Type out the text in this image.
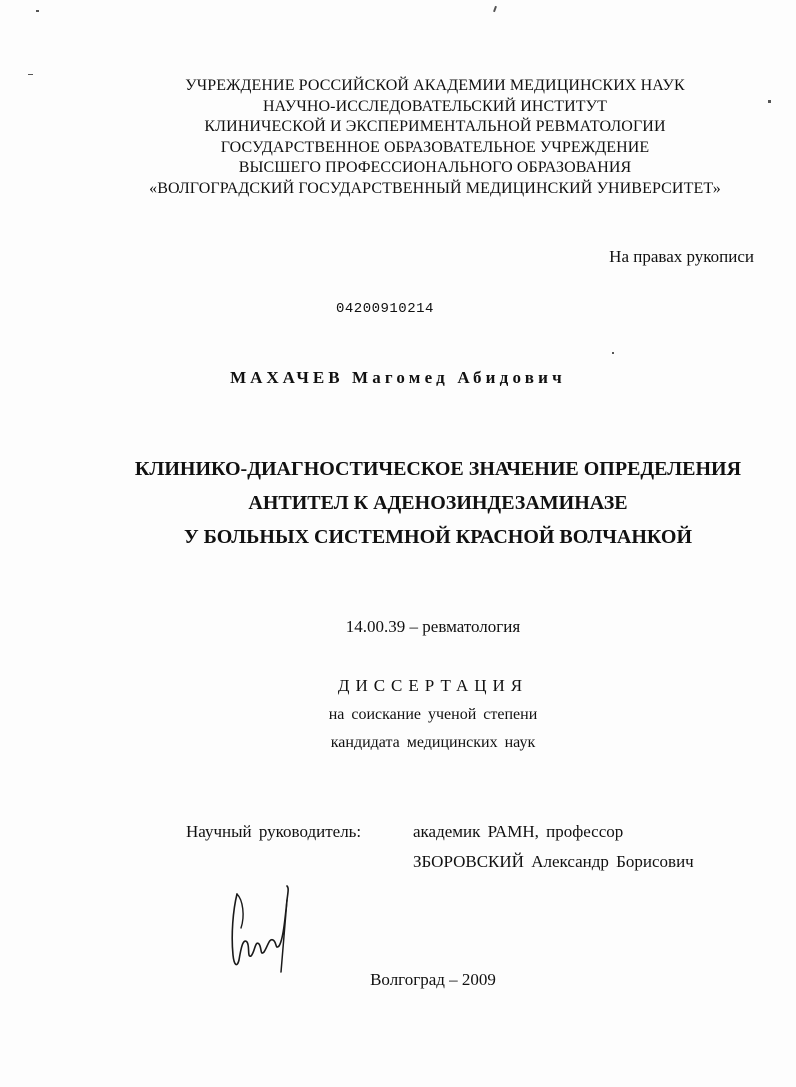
УЧРЕЖДЕНИЕ РОССИЙСКОЙ АКАДЕМИИ МЕДИЦИНСКИХ НАУК
НАУЧНО-ИССЛЕДОВАТЕЛЬСКИЙ ИНСТИТУТ
КЛИНИЧЕСКОЙ И ЭКСПЕРИМЕНТАЛЬНОЙ РЕВМАТОЛОГИИ
ГОСУДАРСТВЕННОЕ ОБРАЗОВАТЕЛЬНОЕ УЧРЕЖДЕНИЕ
ВЫСШЕГО ПРОФЕССИОНАЛЬНОГО ОБРАЗОВАНИЯ
«ВОЛГОГРАДСКИЙ ГОСУДАРСТВЕННЫЙ МЕДИЦИНСКИЙ УНИВЕРСИТЕТ»
На правах рукописи
04200910214
МАХАЧЕВ Магомед Абидович
КЛИНИКО-ДИАГНОСТИЧЕСКОЕ ЗНАЧЕНИЕ ОПРЕДЕЛЕНИЯ
АНТИТЕЛ К АДЕНОЗИНДЕЗАМИНАЗЕ
У БОЛЬНЫХ СИСТЕМНОЙ КРАСНОЙ ВОЛЧАНКОЙ
14.00.39 – ревматология
ДИССЕРТАЦИЯ
на соискание ученой степени
кандидата медицинских наук
Научный руководитель:	академик РАМН, профессор
ЗБОРОВСКИЙ Александр Борисович
Волгоград – 2009
